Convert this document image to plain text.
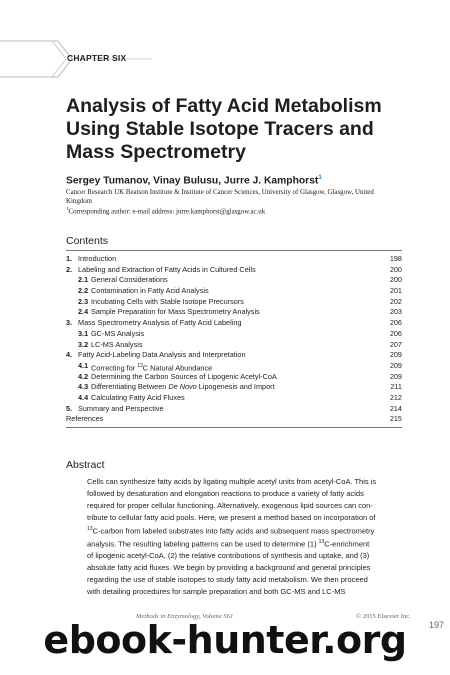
CHAPTER SIX
Analysis of Fatty Acid Metabolism
Using Stable Isotope Tracers and
Mass Spectrometry
Sergey Tumanov, Vinay Bulusu, Jurre J. Kamphorst$^1$
Cancer Research UK Beatson Institute & Institute of Cancer Sciences, University of Glasgow, Glasgow, United
Kingdom
$^1$Corresponding author: e-mail address: jurre.kamphorst@glasgow.ac.uk
Contents
1. Introduction	198
2. Labeling and Extraction of Fatty Acids in Cultured Cells	200
2.1 General Considerations	200
2.2 Contamination in Fatty Acid Analysis	201
2.3 Incubating Cells with Stable Isotope Precursors	202
2.4 Sample Preparation for Mass Spectrometry Analysis	203
3. Mass Spectrometry Analysis of Fatty Acid Labeling	206
3.1 GC-MS Analysis	206
3.2 LC-MS Analysis	207
4. Fatty Acid-Labeling Data Analysis and Interpretation	209
4.1 Correcting for $^{13}$C Natural Abundance	209
4.2 Determining the Carbon Sources of Lipogenic Acetyl-CoA	209
4.3 Differentiating Between De Novo Lipogenesis and Import	211
4.4 Calculating Fatty Acid Fluxes	212
5. Summary and Perspective	214
References	215
Abstract
Cells can synthesize fatty acids by ligating multiple acetyl units from acetyl-CoA. This is
followed by desaturation and elongation reactions to produce a variety of fatty acids
required for proper cellular functioning. Alternatively, exogenous lipid sources can con-
tribute to cellular fatty acid pools. Here, we present a method based on incorporation of
$^{13}$C-carbon from labeled substrates into fatty acids and subsequent mass spectrometry
analysis. The resulting labeling patterns can be used to determine (1) $^{13}$C-enrichment
of lipogenic acetyl-CoA, (2) the relative contributions of synthesis and uptake, and (3)
absolute fatty acid fluxes. We begin by providing a background and general principles
regarding the use of stable isotopes to study fatty acid metabolism. We then proceed
with detailing procedures for sample preparation and both GC-MS and LC-MS
Methods in Enzymology, Volume 561	© 2015 Elsevier Inc.
197
ebook-hunter.org
